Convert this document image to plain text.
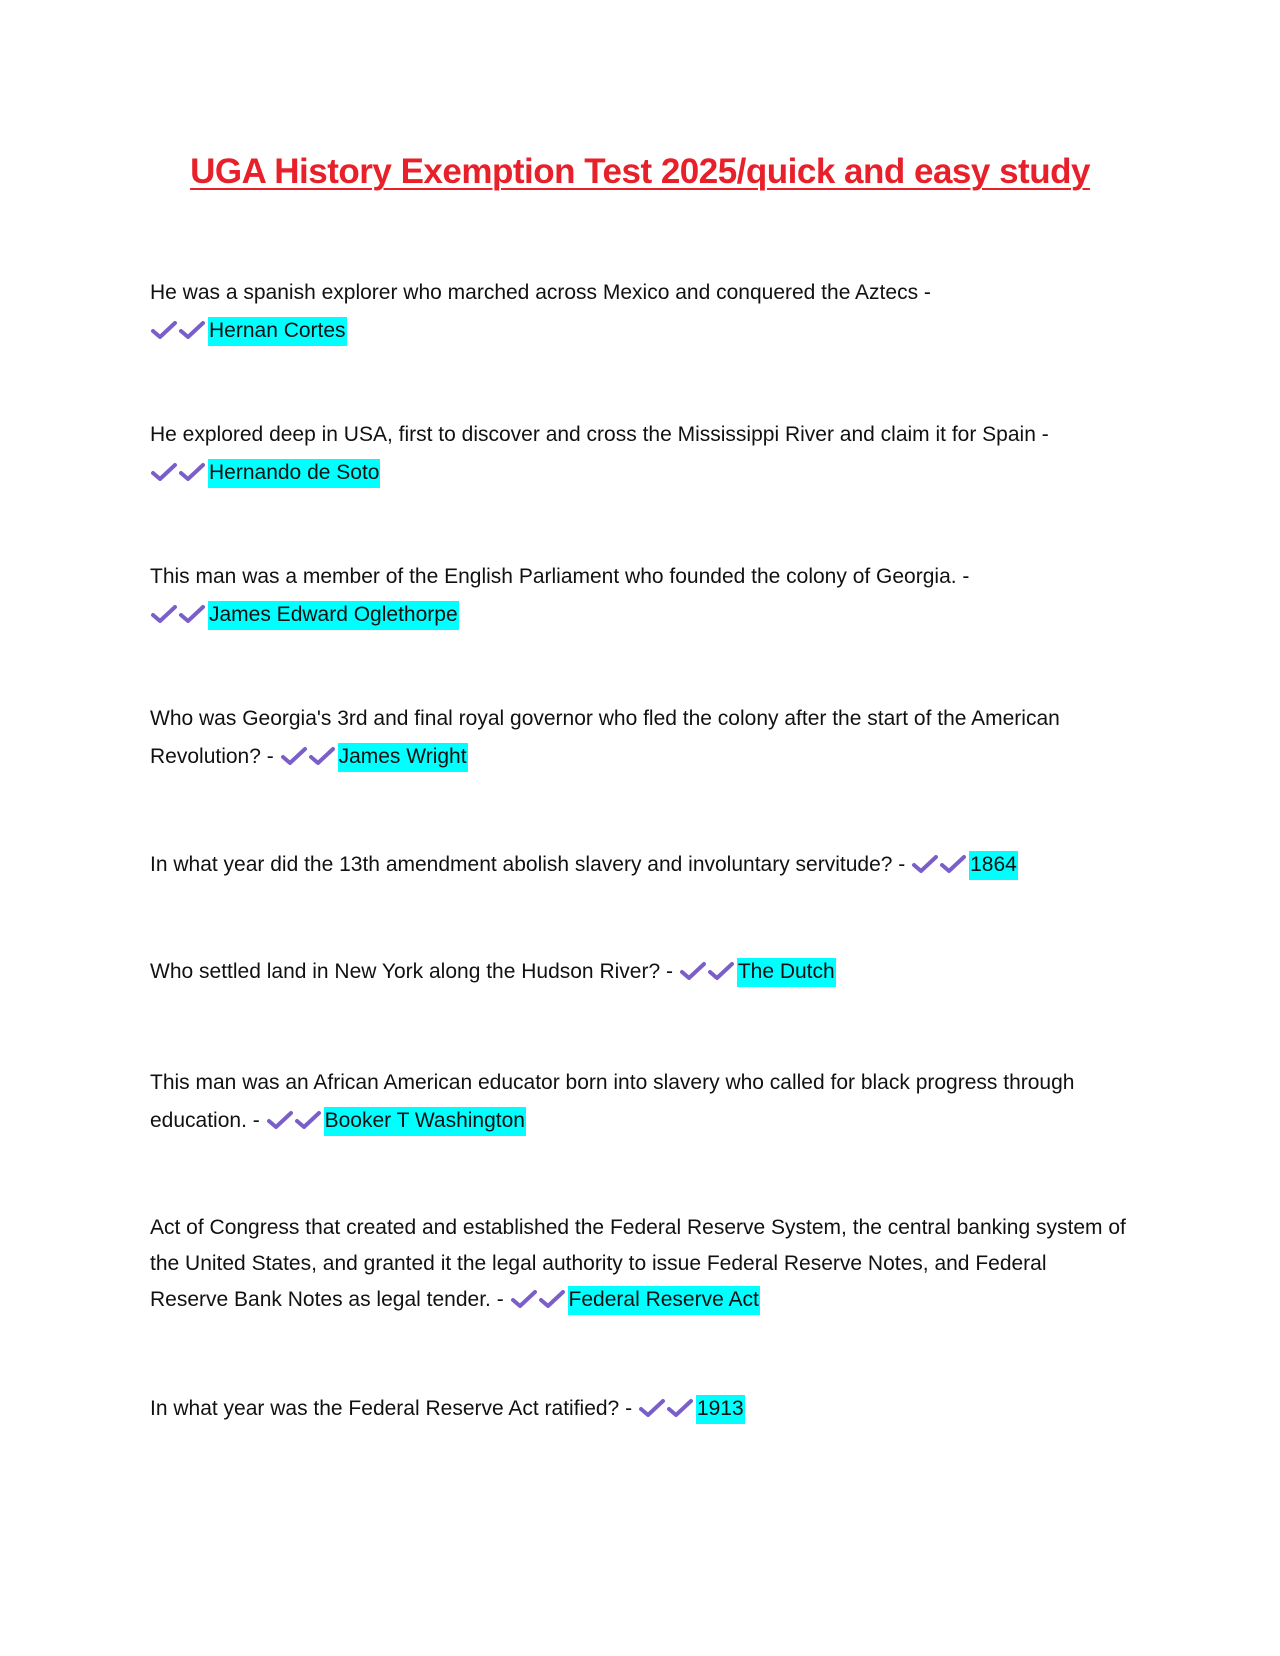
UGA History Exemption Test 2025/quick and easy study

He was a spanish explorer who marched across Mexico and conquered the Aztecs -
Hernan Cortes

He explored deep in USA, first to discover and cross the Mississippi River and claim it for Spain -
Hernando de Soto

This man was a member of the English Parliament who founded the colony of Georgia. -
James Edward Oglethorpe

Who was Georgia's 3rd and final royal governor who fled the colony after the start of the American Revolution? -	James Wright

In what year did the 13th amendment abolish slavery and involuntary servitude? -	1864

Who settled land in New York along the Hudson River? -	The Dutch

This man was an African American educator born into slavery who called for black progress through education. -	Booker T Washington

Act of Congress that created and established the Federal Reserve System, the central banking system of the United States, and granted it the legal authority to issue Federal Reserve Notes, and Federal Reserve Bank Notes as legal tender. -	Federal Reserve Act

In what year was the Federal Reserve Act ratified? -	1913
